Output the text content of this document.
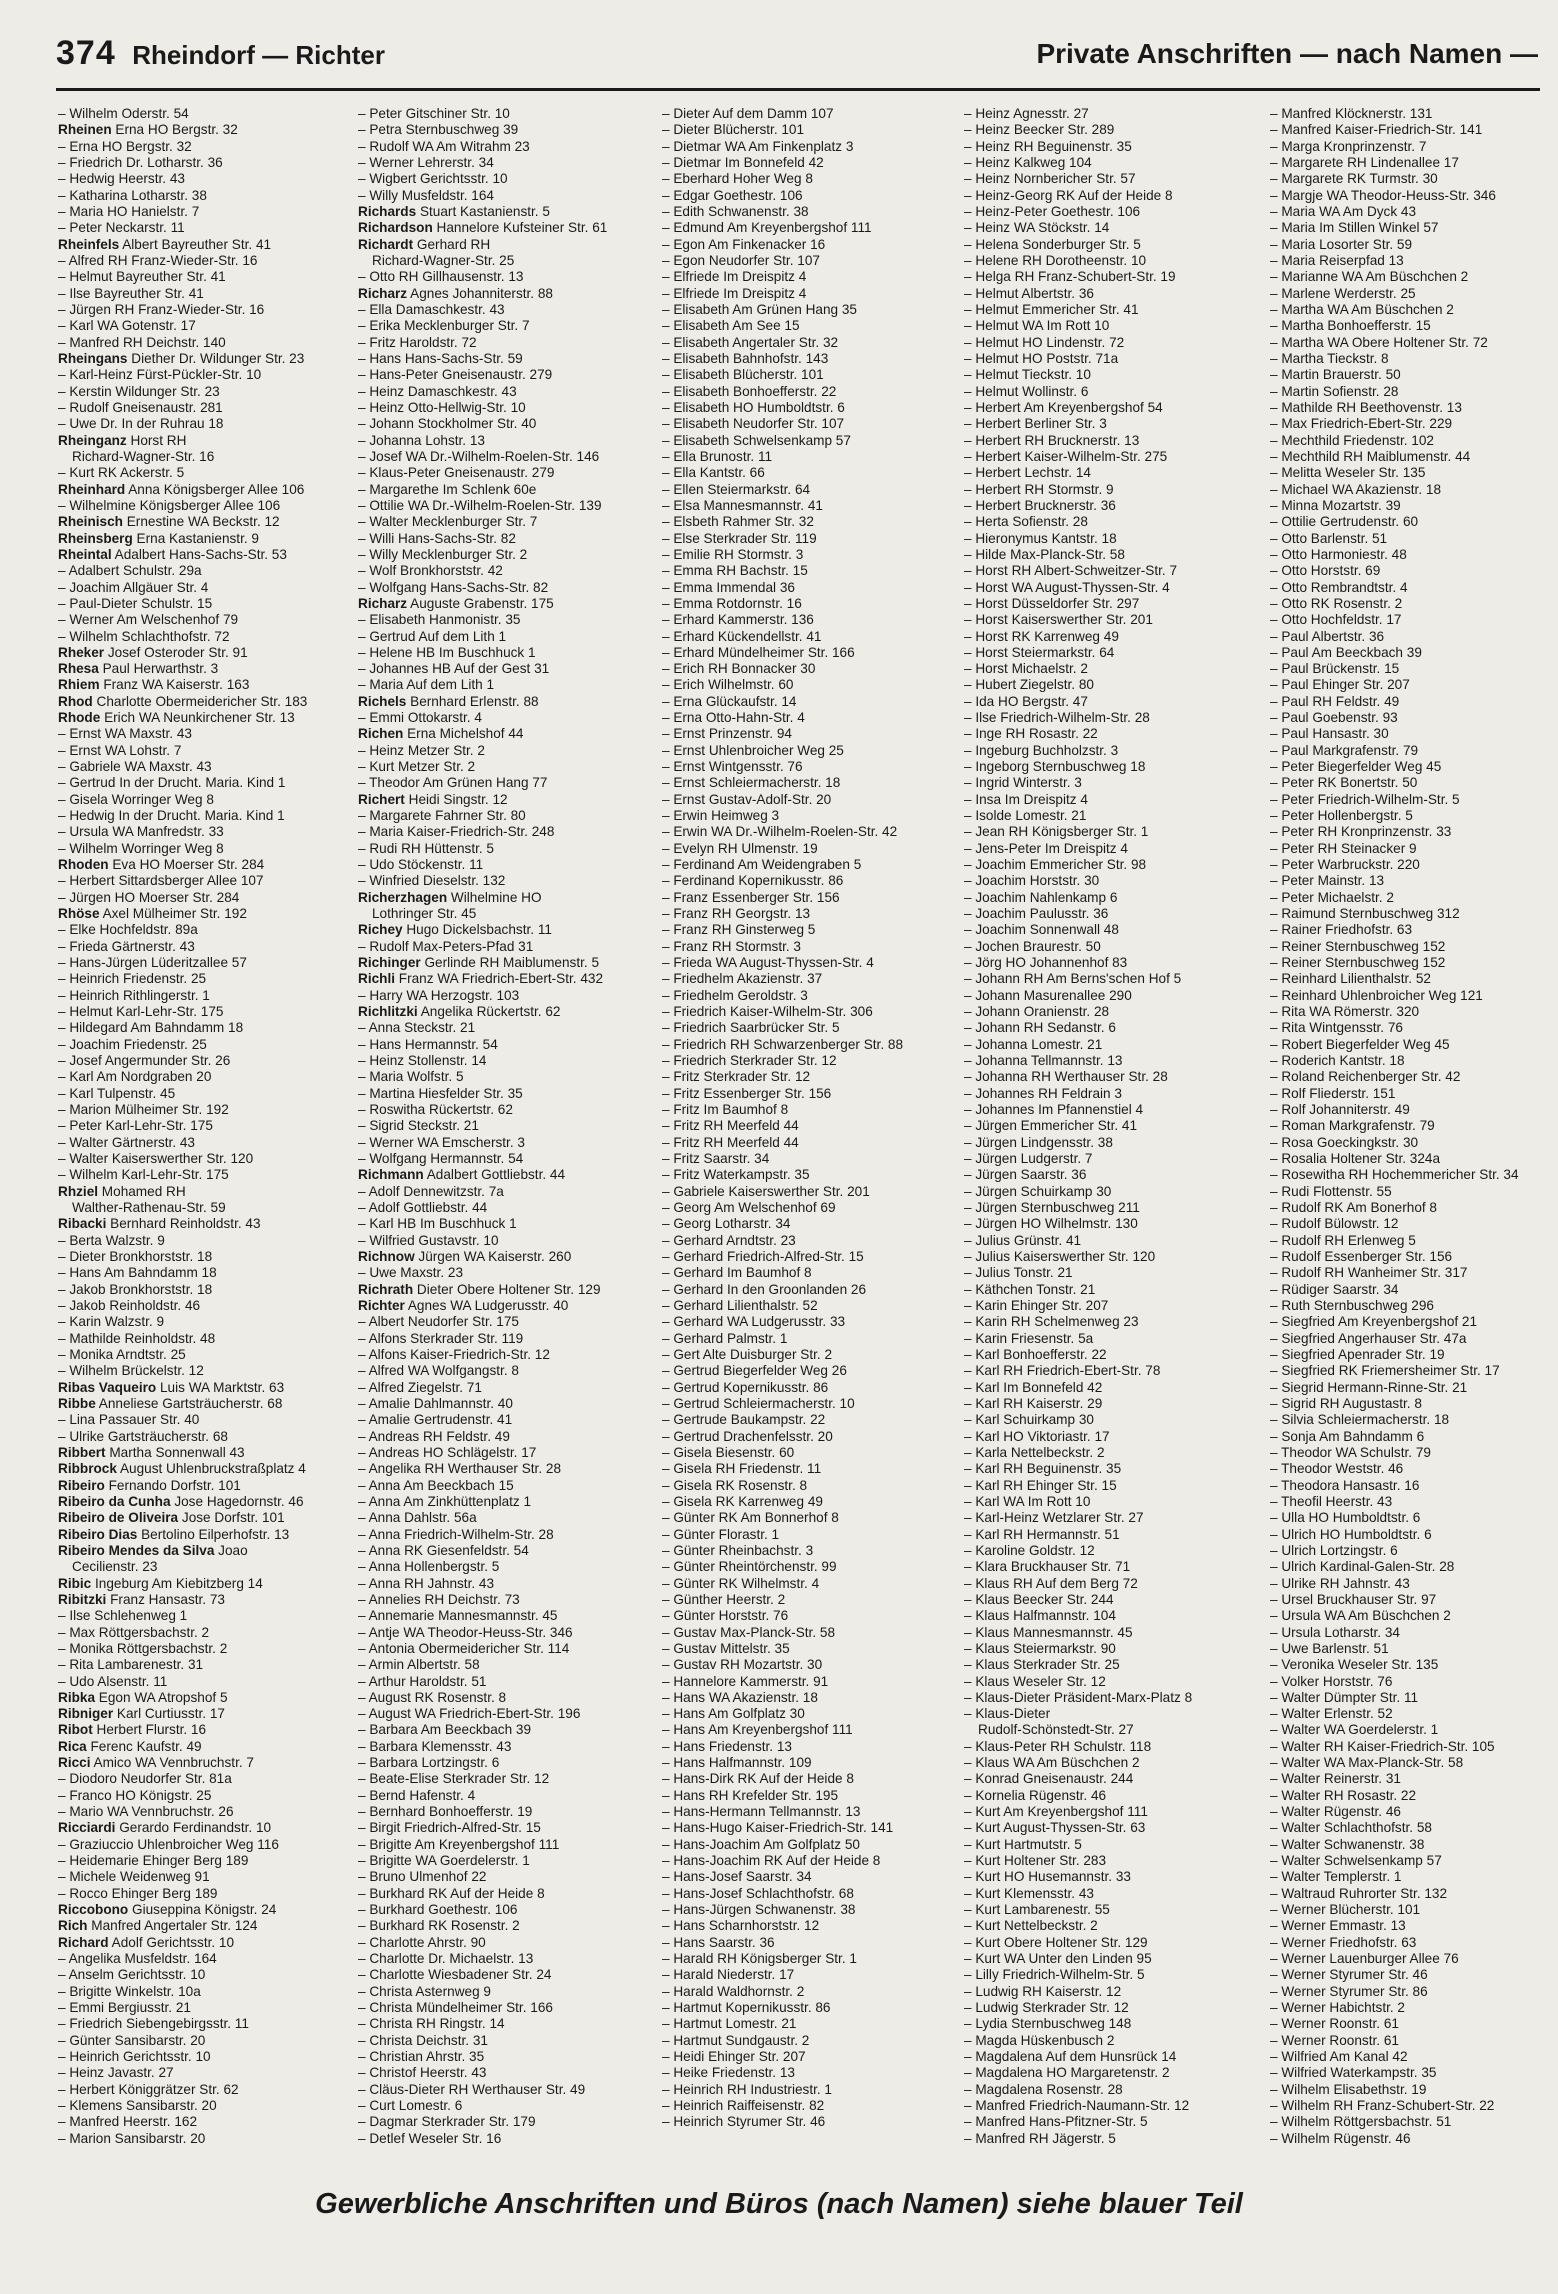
374 Rheindorf — Richter	Private Anschriften — nach Namen —
– Wilhelm Oderstr. 54
Rheinen Erna HO Bergstr. 32
– Erna HO Bergstr. 32
– Friedrich Dr. Lotharstr. 36
– Hedwig Heerstr. 43
– Katharina Lotharstr. 38
– Maria HO Hanielstr. 7
– Peter Neckarstr. 11
Rheinfels Albert Bayreuther Str. 41
– Alfred RH Franz-Wieder-Str. 16
– Helmut Bayreuther Str. 41
– Ilse Bayreuther Str. 41
– Jürgen RH Franz-Wieder-Str. 16
– Karl WA Gotenstr. 17
– Manfred RH Deichstr. 140
Rheingans Diether Dr. Wildunger Str. 23
– Karl-Heinz Fürst-Pückler-Str. 10
– Kerstin Wildunger Str. 23
– Rudolf Gneisenaustr. 281
– Uwe Dr. In der Ruhrau 18
Rheinganz Horst RH
Richard-Wagner-Str. 16
– Kurt RK Ackerstr. 5
Rheinhard Anna Königsberger Allee 106
– Wilhelmine Königsberger Allee 106
Rheinisch Ernestine WA Beckstr. 12
Rheinsberg Erna Kastanienstr. 9
Rheintal Adalbert Hans-Sachs-Str. 53
– Adalbert Schulstr. 29a
– Joachim Allgäuer Str. 4
– Paul-Dieter Schulstr. 15
– Werner Am Welschenhof 79
– Wilhelm Schlachthofstr. 72
Rheker Josef Osteroder Str. 91
Rhesa Paul Herwarthstr. 3
Rhiem Franz WA Kaiserstr. 163
Rhod Charlotte Obermeidericher Str. 183
Rhode Erich WA Neunkirchener Str. 13
– Ernst WA Maxstr. 43
– Ernst WA Lohstr. 7
– Gabriele WA Maxstr. 43
– Gertrud In der Drucht. Maria. Kind 1
– Gisela Worringer Weg 8
– Hedwig In der Drucht. Maria. Kind 1
– Ursula WA Manfredstr. 33
– Wilhelm Worringer Weg 8
Rhoden Eva HO Moerser Str. 284
– Herbert Sittardsberger Allee 107
– Jürgen HO Moerser Str. 284
Rhöse Axel Mülheimer Str. 192
– Elke Hochfeldstr. 89a
– Frieda Gärtnerstr. 43
– Hans-Jürgen Lüderitzallee 57
– Heinrich Friedenstr. 25
– Heinrich Rithlingerstr. 1
– Helmut Karl-Lehr-Str. 175
– Hildegard Am Bahndamm 18
– Joachim Friedenstr. 25
– Josef Angermunder Str. 26
– Karl Am Nordgraben 20
– Karl Tulpenstr. 45
– Marion Mülheimer Str. 192
– Peter Karl-Lehr-Str. 175
– Walter Gärtnerstr. 43
– Walter Kaiserswerther Str. 120
– Wilhelm Karl-Lehr-Str. 175
Rhziel Mohamed RH
Walther-Rathenau-Str. 59
Ribacki Bernhard Reinholdstr. 43
– Berta Walzstr. 9
– Dieter Bronkhorststr. 18
– Hans Am Bahndamm 18
– Jakob Bronkhorststr. 18
– Jakob Reinholdstr. 46
– Karin Walzstr. 9
– Mathilde Reinholdstr. 48
– Monika Arndtstr. 25
– Wilhelm Brückelstr. 12
Ribas Vaqueiro Luis WA Marktstr. 63
Ribbe Anneliese Gartsträucherstr. 68
– Lina Passauer Str. 40
– Ulrike Gartsträucherstr. 68
Ribbert Martha Sonnenwall 43
Ribbrock August Uhlenbruckstraßplatz 4
Ribeiro Fernando Dorfstr. 101
Ribeiro da Cunha Jose Hagedornstr. 46
Ribeiro de Oliveira Jose Dorfstr. 101
Ribeiro Dias Bertolino Eilperhofstr. 13
Ribeiro Mendes da Silva Joao
Cecilienstr. 23
Ribic Ingeburg Am Kiebitzberg 14
Ribitzki Franz Hansastr. 73
– Ilse Schlehenweg 1
– Max Röttgersbachstr. 2
– Monika Röttgersbachstr. 2
– Rita Lambarenestr. 31
– Udo Alsenstr. 11
Ribka Egon WA Atropshof 5
Ribniger Karl Curtiusstr. 17
Ribot Herbert Flurstr. 16
Rica Ferenc Kaufstr. 49
Ricci Amico WA Vennbruchstr. 7
– Diodoro Neudorfer Str. 81a
– Franco HO Königstr. 25
– Mario WA Vennbruchstr. 26
Ricciardi Gerardo Ferdinandstr. 10
– Graziuccio Uhlenbroicher Weg 116
– Heidemarie Ehinger Berg 189
– Michele Weidenweg 91
– Rocco Ehinger Berg 189
Riccobono Giuseppina Königstr. 24
Rich Manfred Angertaler Str. 124
Richard Adolf Gerichtsstr. 10
– Angelika Musfeldstr. 164
– Anselm Gerichtsstr. 10
– Brigitte Winkelstr. 10a
– Emmi Bergiusstr. 21
– Friedrich Siebengebirgsstr. 11
– Günter Sansibarstr. 20
– Heinrich Gerichtsstr. 10
– Heinz Javastr. 27
– Herbert Königgrätzer Str. 62
– Klemens Sansibarstr. 20
– Manfred Heerstr. 162
– Marion Sansibarstr. 20
– Peter Gitschiner Str. 10
– Petra Sternbuschweg 39
– Rudolf WA Am Witrahm 23
– Werner Lehrerstr. 34
– Wigbert Gerichtsstr. 10
– Willy Musfeldstr. 164
Richards Stuart Kastanienstr. 5
Richardson Hannelore Kufsteiner Str. 61
Richardt Gerhard RH
Richard-Wagner-Str. 25
– Otto RH Gillhausenstr. 13
Richarz Agnes Johanniterstr. 88
– Ella Damaschkestr. 43
– Erika Mecklenburger Str. 7
– Fritz Haroldstr. 72
– Hans Hans-Sachs-Str. 59
– Hans-Peter Gneisenaustr. 279
– Heinz Damaschkestr. 43
– Heinz Otto-Hellwig-Str. 10
– Johann Stockholmer Str. 40
– Johanna Lohstr. 13
– Josef WA Dr.-Wilhelm-Roelen-Str. 146
– Klaus-Peter Gneisenaustr. 279
– Margarethe Im Schlenk 60e
– Ottilie WA Dr.-Wilhelm-Roelen-Str. 139
– Walter Mecklenburger Str. 7
– Willi Hans-Sachs-Str. 82
– Willy Mecklenburger Str. 2
– Wolf Bronkhorststr. 42
– Wolfgang Hans-Sachs-Str. 82
Richarz Auguste Grabenstr. 175
– Elisabeth Hanmonistr. 35
– Gertrud Auf dem Lith 1
– Helene HB Im Buschhuck 1
– Johannes HB Auf der Gest 31
– Maria Auf dem Lith 1
Richels Bernhard Erlenstr. 88
– Emmi Ottokarstr. 4
Richen Erna Michelshof 44
– Heinz Metzer Str. 2
– Kurt Metzer Str. 2
– Theodor Am Grünen Hang 77
Richert Heidi Singstr. 12
– Margarete Fahrner Str. 80
– Maria Kaiser-Friedrich-Str. 248
– Rudi RH Hüttenstr. 5
– Udo Stöckenstr. 11
– Winfried Dieselstr. 132
Richerzhagen Wilhelmine HO
Lothringer Str. 45
Richey Hugo Dickelsbachstr. 11
– Rudolf Max-Peters-Pfad 31
Richinger Gerlinde RH Maiblumenstr. 5
Richli Franz WA Friedrich-Ebert-Str. 432
– Harry WA Herzogstr. 103
Richlitzki Angelika Rückertstr. 62
– Anna Steckstr. 21
– Hans Hermannstr. 54
– Heinz Stollenstr. 14
– Maria Wolfstr. 5
– Martina Hiesfelder Str. 35
– Roswitha Rückertstr. 62
– Sigrid Steckstr. 21
– Werner WA Emscherstr. 3
– Wolfgang Hermannstr. 54
Richmann Adalbert Gottliebstr. 44
– Adolf Dennewitzstr. 7a
– Adolf Gottliebstr. 44
– Karl HB Im Buschhuck 1
– Wilfried Gustavstr. 10
Richnow Jürgen WA Kaiserstr. 260
– Uwe Maxstr. 23
Richrath Dieter Obere Holtener Str. 129
Richter Agnes WA Ludgerusstr. 40
– Albert Neudorfer Str. 175
– Alfons Sterkrader Str. 119
– Alfons Kaiser-Friedrich-Str. 12
– Alfred WA Wolfgangstr. 8
– Alfred Ziegelstr. 71
– Amalie Dahlmannstr. 40
– Amalie Gertrudenstr. 41
– Andreas RH Feldstr. 49
– Andreas HO Schlägelstr. 17
– Angelika RH Werthauser Str. 28
– Anna Am Beeckbach 15
– Anna Am Zinkhüttenplatz 1
– Anna Dahlstr. 56a
– Anna Friedrich-Wilhelm-Str. 28
– Anna RK Giesenfeldstr. 54
– Anna Hollenbergstr. 5
– Anna RH Jahnstr. 43
– Annelies RH Deichstr. 73
– Annemarie Mannesmannstr. 45
– Antje WA Theodor-Heuss-Str. 346
– Antonia Obermeidericher Str. 114
– Armin Albertstr. 58
– Arthur Haroldstr. 51
– August RK Rosenstr. 8
– August WA Friedrich-Ebert-Str. 196
– Barbara Am Beeckbach 39
– Barbara Klemensstr. 43
– Barbara Lortzingstr. 6
– Beate-Elise Sterkrader Str. 12
– Bernd Hafenstr. 4
– Bernhard Bonhoefferstr. 19
– Birgit Friedrich-Alfred-Str. 15
– Brigitte Am Kreyenbergshof 111
– Brigitte WA Goerdelerstr. 1
– Bruno Ulmenhof 22
– Burkhard RK Auf der Heide 8
– Burkhard Goethestr. 106
– Burkhard RK Rosenstr. 2
– Charlotte Ahrstr. 90
– Charlotte Dr. Michaelstr. 13
– Charlotte Wiesbadener Str. 24
– Christa Asternweg 9
– Christa Mündelheimer Str. 166
– Christa RH Ringstr. 14
– Christa Deichstr. 31
– Christian Ahrstr. 35
– Christof Heerstr. 43
– Cläus-Dieter RH Werthauser Str. 49
– Curt Lomestr. 6
– Dagmar Sterkrader Str. 179
– Detlef Weseler Str. 16
– Dieter Auf dem Damm 107
– Dieter Blücherstr. 101
– Dietmar WA Am Finkenplatz 3
– Dietmar Im Bonnefeld 42
– Eberhard Hoher Weg 8
– Edgar Goethestr. 106
– Edith Schwanenstr. 38
– Edmund Am Kreyenbergshof 111
– Egon Am Finkenacker 16
– Egon Neudorfer Str. 107
– Elfriede Im Dreispitz 4
– Elfriede Im Dreispitz 4
– Elisabeth Am Grünen Hang 35
– Elisabeth Am See 15
– Elisabeth Angertaler Str. 32
– Elisabeth Bahnhofstr. 143
– Elisabeth Blücherstr. 101
– Elisabeth Bonhoefferstr. 22
– Elisabeth HO Humboldtstr. 6
– Elisabeth Neudorfer Str. 107
– Elisabeth Schwelsenkamp 57
– Ella Brunostr. 11
– Ella Kantstr. 66
– Ellen Steiermarkstr. 64
– Elsa Mannesmannstr. 41
– Elsbeth Rahmer Str. 32
– Else Sterkrader Str. 119
– Emilie RH Stormstr. 3
– Emma RH Bachstr. 15
– Emma Immendal 36
– Emma Rotdornstr. 16
– Erhard Kammerstr. 136
– Erhard Kückendellstr. 41
– Erhard Mündelheimer Str. 166
– Erich RH Bonnacker 30
– Erich Wilhelmstr. 60
– Erna Glückaufstr. 14
– Erna Otto-Hahn-Str. 4
– Ernst Prinzenstr. 94
– Ernst Uhlenbroicher Weg 25
– Ernst Wintgensstr. 76
– Ernst Schleiermacherstr. 18
– Ernst Gustav-Adolf-Str. 20
– Erwin Heimweg 3
– Erwin WA Dr.-Wilhelm-Roelen-Str. 42
– Evelyn RH Ulmenstr. 19
– Ferdinand Am Weidengraben 5
– Ferdinand Kopernikusstr. 86
– Franz Essenberger Str. 156
– Franz RH Georgstr. 13
– Franz RH Ginsterweg 5
– Franz RH Stormstr. 3
– Frieda WA August-Thyssen-Str. 4
– Friedhelm Akazienstr. 37
– Friedhelm Geroldstr. 3
– Friedrich Kaiser-Wilhelm-Str. 306
– Friedrich Saarbrücker Str. 5
– Friedrich RH Schwarzenberger Str. 88
– Friedrich Sterkrader Str. 12
– Fritz Sterkrader Str. 12
– Fritz Essenberger Str. 156
– Fritz Im Baumhof 8
– Fritz RH Meerfeld 44
– Fritz RH Meerfeld 44
– Fritz Saarstr. 34
– Fritz Waterkampstr. 35
– Gabriele Kaiserswerther Str. 201
– Georg Am Welschenhof 69
– Georg Lotharstr. 34
– Gerhard Arndtstr. 23
– Gerhard Friedrich-Alfred-Str. 15
– Gerhard Im Baumhof 8
– Gerhard In den Groonlanden 26
– Gerhard Lilienthalstr. 52
– Gerhard WA Ludgerusstr. 33
– Gerhard Palmstr. 1
– Gert Alte Duisburger Str. 2
– Gertrud Biegerfelder Weg 26
– Gertrud Kopernikusstr. 86
– Gertrud Schleiermacherstr. 10
– Gertrude Baukampstr. 22
– Gertrud Drachenfelsstr. 20
– Gisela Biesenstr. 60
– Gisela RH Friedenstr. 11
– Gisela RK Rosenstr. 8
– Gisela RK Karrenweg 49
– Günter RK Am Bonnerhof 8
– Günter Florastr. 1
– Günter Rheinbachstr. 3
– Günter Rheintörchenstr. 99
– Günter RK Wilhelmstr. 4
– Günther Heerstr. 2
– Günter Horststr. 76
– Gustav Max-Planck-Str. 58
– Gustav Mittelstr. 35
– Gustav RH Mozartstr. 30
– Hannelore Kammerstr. 91
– Hans WA Akazienstr. 18
– Hans Am Golfplatz 30
– Hans Am Kreyenbergshof 111
– Hans Friedenstr. 13
– Hans Halfmannstr. 109
– Hans-Dirk RK Auf der Heide 8
– Hans RH Krefelder Str. 195
– Hans-Hermann Tellmannstr. 13
– Hans-Hugo Kaiser-Friedrich-Str. 141
– Hans-Joachim Am Golfplatz 50
– Hans-Joachim RK Auf der Heide 8
– Hans-Josef Saarstr. 34
– Hans-Josef Schlachthofstr. 68
– Hans-Jürgen Schwanenstr. 38
– Hans Scharnhorststr. 12
– Hans Saarstr. 36
– Harald RH Königsberger Str. 1
– Harald Niederstr. 17
– Harald Waldhornstr. 2
– Hartmut Kopernikusstr. 86
– Hartmut Lomestr. 21
– Hartmut Sundgaustr. 2
– Heidi Ehinger Str. 207
– Heike Friedenstr. 13
– Heinrich RH Industriestr. 1
– Heinrich Raiffeisenstr. 82
– Heinrich Styrumer Str. 46
– Heinz Agnesstr. 27
– Heinz Beecker Str. 289
– Heinz RH Beguinenstr. 35
– Heinz Kalkweg 104
– Heinz Nornbericher Str. 57
– Heinz-Georg RK Auf der Heide 8
– Heinz-Peter Goethestr. 106
– Heinz WA Stöckstr. 14
– Helena Sonderburger Str. 5
– Helene RH Dorotheenstr. 10
– Helga RH Franz-Schubert-Str. 19
– Helmut Albertstr. 36
– Helmut Emmericher Str. 41
– Helmut WA Im Rott 10
– Helmut HO Lindenstr. 72
– Helmut HO Poststr. 71a
– Helmut Tieckstr. 10
– Helmut Wollinstr. 6
– Herbert Am Kreyenbergshof 54
– Herbert Berliner Str. 3
– Herbert RH Brucknerstr. 13
– Herbert Kaiser-Wilhelm-Str. 275
– Herbert Lechstr. 14
– Herbert RH Stormstr. 9
– Herbert Brucknerstr. 36
– Herta Sofienstr. 28
– Hieronymus Kantstr. 18
– Hilde Max-Planck-Str. 58
– Horst RH Albert-Schweitzer-Str. 7
– Horst WA August-Thyssen-Str. 4
– Horst Düsseldorfer Str. 297
– Horst Kaiserswerther Str. 201
– Horst RK Karrenweg 49
– Horst Steiermarkstr. 64
– Horst Michaelstr. 2
– Hubert Ziegelstr. 80
– Ida HO Bergstr. 47
– Ilse Friedrich-Wilhelm-Str. 28
– Inge RH Rosastr. 22
– Ingeburg Buchholzstr. 3
– Ingeborg Sternbuschweg 18
– Ingrid Winterstr. 3
– Insa Im Dreispitz 4
– Isolde Lomestr. 21
– Jean RH Königsberger Str. 1
– Jens-Peter Im Dreispitz 4
– Joachim Emmericher Str. 98
– Joachim Horststr. 30
– Joachim Nahlenkamp 6
– Joachim Paulusstr. 36
– Joachim Sonnenwall 48
– Jochen Braurestr. 50
– Jörg HO Johannenhof 83
– Johann RH Am Berns'schen Hof 5
– Johann Masurenallee 290
– Johann Oranienstr. 28
– Johann RH Sedanstr. 6
– Johanna Lomestr. 21
– Johanna Tellmannstr. 13
– Johanna RH Werthauser Str. 28
– Johannes RH Feldrain 3
– Johannes Im Pfannenstiel 4
– Jürgen Emmericher Str. 41
– Jürgen Lindgensstr. 38
– Jürgen Ludgerstr. 7
– Jürgen Saarstr. 36
– Jürgen Schuirkamp 30
– Jürgen Sternbuschweg 211
– Jürgen HO Wilhelmstr. 130
– Julius Grünstr. 41
– Julius Kaiserswerther Str. 120
– Julius Tonstr. 21
– Käthchen Tonstr. 21
– Karin Ehinger Str. 207
– Karin RH Schelmenweg 23
– Karin Friesenstr. 5a
– Karl Bonhoefferstr. 22
– Karl RH Friedrich-Ebert-Str. 78
– Karl Im Bonnefeld 42
– Karl RH Kaiserstr. 29
– Karl Schuirkamp 30
– Karl HO Viktoriastr. 17
– Karla Nettelbeckstr. 2
– Karl RH Beguinenstr. 35
– Karl RH Ehinger Str. 15
– Karl WA Im Rott 10
– Karl-Heinz Wetzlarer Str. 27
– Karl RH Hermannstr. 51
– Karoline Goldstr. 12
– Klara Bruckhauser Str. 71
– Klaus RH Auf dem Berg 72
– Klaus Beecker Str. 244
– Klaus Halfmannstr. 104
– Klaus Mannesmannstr. 45
– Klaus Steiermarkstr. 90
– Klaus Sterkrader Str. 25
– Klaus Weseler Str. 12
– Klaus-Dieter Präsident-Marx-Platz 8
– Klaus-Dieter
Rudolf-Schönstedt-Str. 27
– Klaus-Peter RH Schulstr. 118
– Klaus WA Am Büschchen 2
– Konrad Gneisenaustr. 244
– Kornelia Rügenstr. 46
– Kurt Am Kreyenbergshof 111
– Kurt August-Thyssen-Str. 63
– Kurt Hartmutstr. 5
– Kurt Holtener Str. 283
– Kurt HO Husemannstr. 33
– Kurt Klemensstr. 43
– Kurt Lambarenestr. 55
– Kurt Nettelbeckstr. 2
– Kurt Obere Holtener Str. 129
– Kurt WA Unter den Linden 95
– Lilly Friedrich-Wilhelm-Str. 5
– Ludwig RH Kaiserstr. 12
– Ludwig Sterkrader Str. 12
– Lydia Sternbuschweg 148
– Magda Hüskenbusch 2
– Magdalena Auf dem Hunsrück 14
– Magdalena HO Margaretenstr. 2
– Magdalena Rosenstr. 28
– Manfred Friedrich-Naumann-Str. 12
– Manfred Hans-Pfitzner-Str. 5
– Manfred RH Jägerstr. 5
– Manfred Klöcknerstr. 131
– Manfred Kaiser-Friedrich-Str. 141
– Marga Kronprinzenstr. 7
– Margarete RH Lindenallee 17
– Margarete RK Turmstr. 30
– Margje WA Theodor-Heuss-Str. 346
– Maria WA Am Dyck 43
– Maria Im Stillen Winkel 57
– Maria Losorter Str. 59
– Maria Reiserpfad 13
– Marianne WA Am Büschchen 2
– Marlene Werderstr. 25
– Martha WA Am Büschchen 2
– Martha Bonhoefferstr. 15
– Martha WA Obere Holtener Str. 72
– Martha Tieckstr. 8
– Martin Brauerstr. 50
– Martin Sofienstr. 28
– Mathilde RH Beethovenstr. 13
– Max Friedrich-Ebert-Str. 229
– Mechthild Friedenstr. 102
– Mechthild RH Maiblumenstr. 44
– Melitta Weseler Str. 135
– Michael WA Akazienstr. 18
– Minna Mozartstr. 39
– Ottilie Gertrudenstr. 60
– Otto Barlenstr. 51
– Otto Harmoniestr. 48
– Otto Horststr. 69
– Otto Rembrandtstr. 4
– Otto RK Rosenstr. 2
– Otto Hochfeldstr. 17
– Paul Albertstr. 36
– Paul Am Beeckbach 39
– Paul Brückenstr. 15
– Paul Ehinger Str. 207
– Paul RH Feldstr. 49
– Paul Goebenstr. 93
– Paul Hansastr. 30
– Paul Markgrafenstr. 79
– Peter Biegerfelder Weg 45
– Peter RK Bonertstr. 50
– Peter Friedrich-Wilhelm-Str. 5
– Peter Hollenbergstr. 5
– Peter RH Kronprinzenstr. 33
– Peter RH Steinacker 9
– Peter Warbruckstr. 220
– Peter Mainstr. 13
– Peter Michaelstr. 2
– Raimund Sternbuschweg 312
– Rainer Friedhofstr. 63
– Reiner Sternbuschweg 152
– Reiner Sternbuschweg 152
– Reinhard Lilienthalstr. 52
– Reinhard Uhlenbroicher Weg 121
– Rita WA Römerstr. 320
– Rita Wintgensstr. 76
– Robert Biegerfelder Weg 45
– Roderich Kantstr. 18
– Roland Reichenberger Str. 42
– Rolf Fliederstr. 151
– Rolf Johanniterstr. 49
– Roman Markgrafenstr. 79
– Rosa Goeckingkstr. 30
– Rosalia Holtener Str. 324a
– Rosewitha RH Hochemmericher Str. 34
– Rudi Flottenstr. 55
– Rudolf RK Am Bonerhof 8
– Rudolf Bülowstr. 12
– Rudolf RH Erlenweg 5
– Rudolf Essenberger Str. 156
– Rudolf RH Wanheimer Str. 317
– Rüdiger Saarstr. 34
– Ruth Sternbuschweg 296
– Siegfried Am Kreyenbergshof 21
– Siegfried Angerhauser Str. 47a
– Siegfried Apenrader Str. 19
– Siegfried RK Friemersheimer Str. 17
– Siegrid Hermann-Rinne-Str. 21
– Sigrid RH Augustastr. 8
– Silvia Schleiermacherstr. 18
– Sonja Am Bahndamm 6
– Theodor WA Schulstr. 79
– Theodor Weststr. 46
– Theodora Hansastr. 16
– Theofil Heerstr. 43
– Ulla HO Humboldtstr. 6
– Ulrich HO Humboldtstr. 6
– Ulrich Lortzingstr. 6
– Ulrich Kardinal-Galen-Str. 28
– Ulrike RH Jahnstr. 43
– Ursel Bruckhauser Str. 97
– Ursula WA Am Büschchen 2
– Ursula Lotharstr. 34
– Uwe Barlenstr. 51
– Veronika Weseler Str. 135
– Volker Horststr. 76
– Walter Dümpter Str. 11
– Walter Erlenstr. 52
– Walter WA Goerdelerstr. 1
– Walter RH Kaiser-Friedrich-Str. 105
– Walter WA Max-Planck-Str. 58
– Walter Reinerstr. 31
– Walter RH Rosastr. 22
– Walter Rügenstr. 46
– Walter Schlachthofstr. 58
– Walter Schwanenstr. 38
– Walter Schwelsenkamp 57
– Walter Templerstr. 1
– Waltraud Ruhrorter Str. 132
– Werner Blücherstr. 101
– Werner Emmastr. 13
– Werner Friedhofstr. 63
– Werner Lauenburger Allee 76
– Werner Styrumer Str. 46
– Werner Styrumer Str. 86
– Werner Habichtstr. 2
– Werner Roonstr. 61
– Werner Roonstr. 61
– Wilfried Am Kanal 42
– Wilfried Waterkampstr. 35
– Wilhelm Elisabethstr. 19
– Wilhelm RH Franz-Schubert-Str. 22
– Wilhelm Röttgersbachstr. 51
– Wilhelm Rügenstr. 46
Gewerbliche Anschriften und Büros (nach Namen) siehe blauer Teil
